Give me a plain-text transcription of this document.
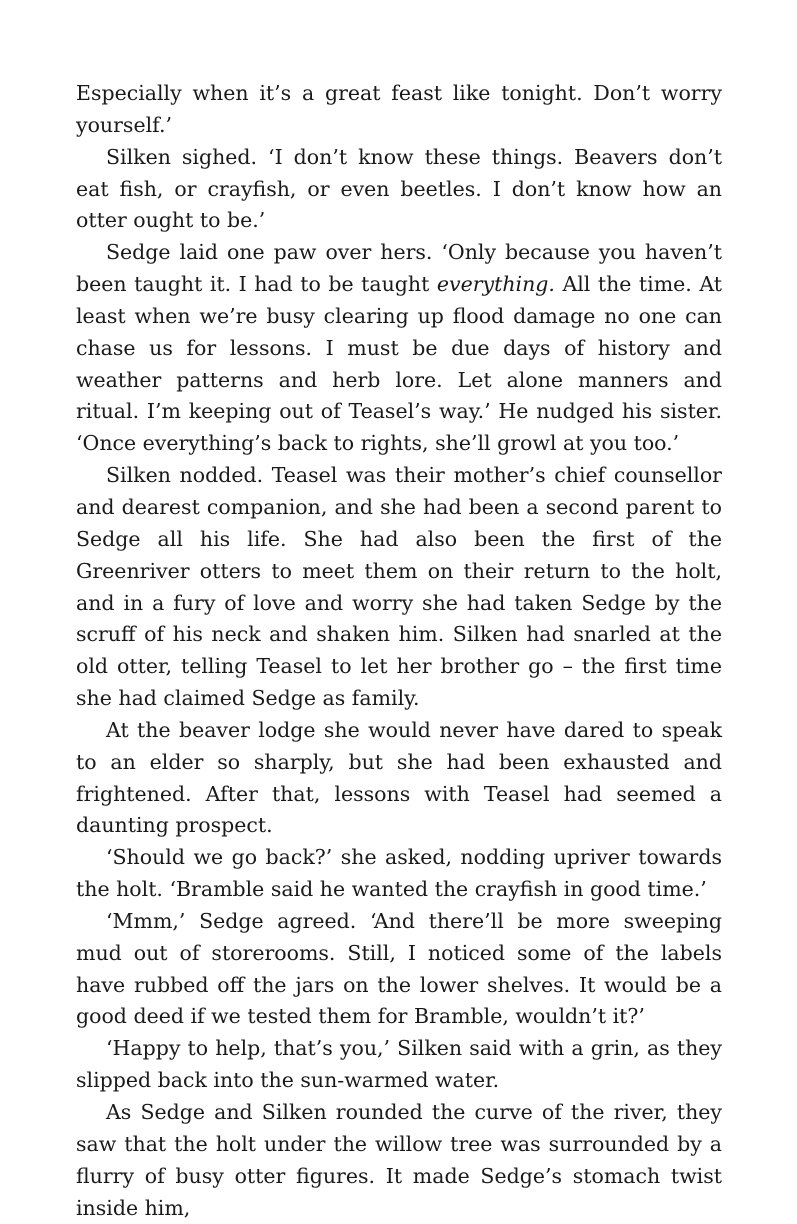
Especially when it’s a great feast like tonight. Don’t worry yourself.’

Silken sighed. ‘I don’t know these things. Beavers don’t eat fish, or crayfish, or even beetles. I don’t know how an otter ought to be.’

Sedge laid one paw over hers. ‘Only because you haven’t been taught it. I had to be taught everything. All the time. At least when we’re busy clearing up flood damage no one can chase us for lessons. I must be due days of history and weather patterns and herb lore. Let alone manners and ritual. I’m keeping out of Teasel’s way.’ He nudged his sister. ‘Once everything’s back to rights, she’ll growl at you too.’

Silken nodded. Teasel was their mother’s chief counsellor and dearest companion, and she had been a second parent to Sedge all his life. She had also been the first of the Greenriver otters to meet them on their return to the holt, and in a fury of love and worry she had taken Sedge by the scruff of his neck and shaken him. Silken had snarled at the old otter, telling Teasel to let her brother go – the first time she had claimed Sedge as family.

At the beaver lodge she would never have dared to speak to an elder so sharply, but she had been exhausted and frightened. After that, lessons with Teasel had seemed a daunting prospect.

‘Should we go back?’ she asked, nodding upriver towards the holt. ‘Bramble said he wanted the crayfish in good time.’

‘Mmm,’ Sedge agreed. ‘And there’ll be more sweeping mud out of storerooms. Still, I noticed some of the labels have rubbed off the jars on the lower shelves. It would be a good deed if we tested them for Bramble, wouldn’t it?’

‘Happy to help, that’s you,’ Silken said with a grin, as they slipped back into the sun-warmed water.

As Sedge and Silken rounded the curve of the river, they saw that the holt under the willow tree was surrounded by a flurry of busy otter figures. It made Sedge’s stomach twist inside him,
